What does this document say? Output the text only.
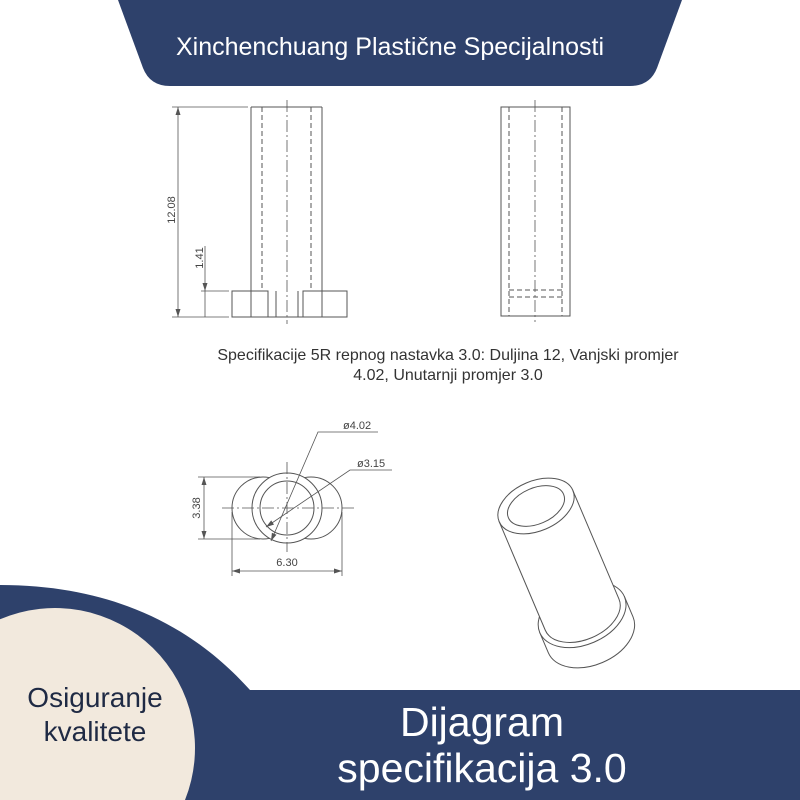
12.08
1.41
ø4.02
ø3.15
3.38
6.30
Xinchenchuang Plastične Specijalnosti
Specifikacije 5R repnog nastavka 3.0: Duljina 12, Vanjski promjer
4.02, Unutarnji promjer 3.0
Osiguranje kvalitete	Dijagram specifikacija 3.0
